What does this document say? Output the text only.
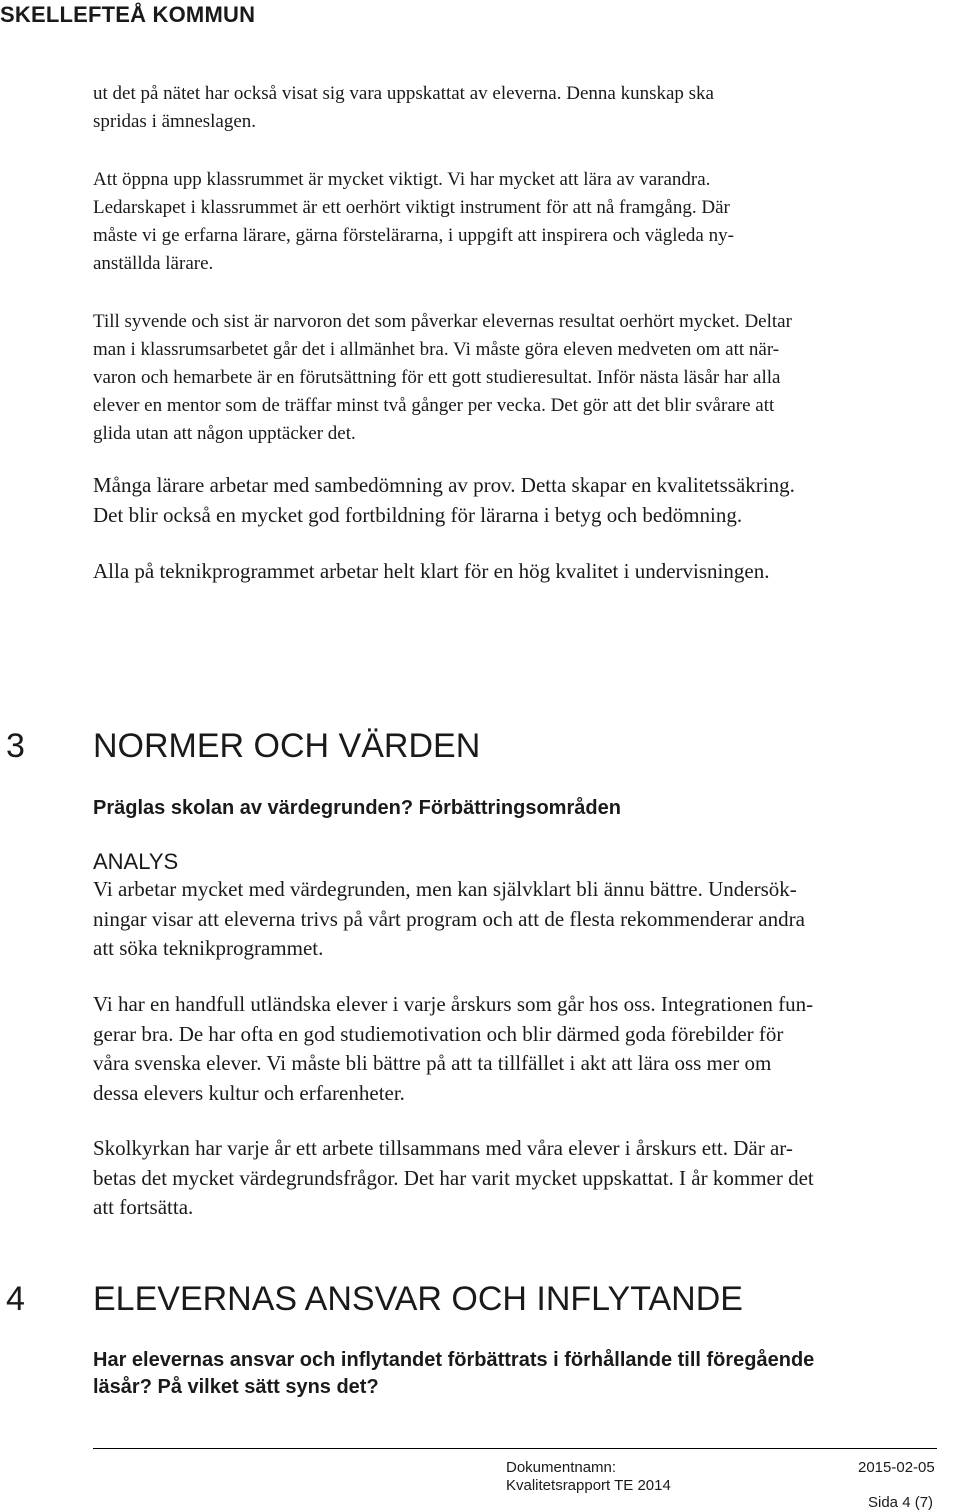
SKELLEFTEÅ KOMMUN
ut det på nätet har också visat sig vara uppskattat av eleverna. Denna kunskap ska
spridas i ämneslagen.
Att öppna upp klassrummet är mycket viktigt. Vi har mycket att lära av varandra.
Ledarskapet i klassrummet är ett oerhört viktigt instrument för att nå framgång. Där
måste vi ge erfarna lärare, gärna förstelärarna, i uppgift att inspirera och vägleda ny-
anställda lärare.
Till syvende och sist är narvoron det som påverkar elevernas resultat oerhört mycket. Deltar
man i klassrumsarbetet går det i allmänhet bra. Vi måste göra eleven medveten om att när-
varon och hemarbete är en förutsättning för ett gott studieresultat. Inför nästa läsår har alla
elever en mentor som de träffar minst två gånger per vecka. Det gör att det blir svårare att
glida utan att någon upptäcker det.
Många lärare arbetar med sambedömning av prov. Detta skapar en kvalitetssäkring.
Det blir också en mycket god fortbildning för lärarna i betyg och bedömning.
Alla på teknikprogrammet arbetar helt klart för en hög kvalitet i undervisningen.
3 NORMER OCH VÄRDEN
Präglas skolan av värdegrunden? Förbättringsområden
ANALYS
Vi arbetar mycket med värdegrunden, men kan självklart bli ännu bättre. Undersök-
ningar visar att eleverna trivs på vårt program och att de flesta rekommenderar andra
att söka teknikprogrammet.
Vi har en handfull utländska elever i varje årskurs som går hos oss. Integrationen fun-
gerar bra. De har ofta en god studiemotivation och blir därmed goda förebilder för
våra svenska elever. Vi måste bli bättre på att ta tillfället i akt att lära oss mer om
dessa elevers kultur och erfarenheter.
Skolkyrkan har varje år ett arbete tillsammans med våra elever i årskurs ett. Där ar-
betas det mycket värdegrundsfrågor. Det har varit mycket uppskattat. I år kommer det
att fortsätta.
4 ELEVERNAS ANSVAR OCH INFLYTANDE
Har elevernas ansvar och inflytandet förbättrats i förhållande till föregående
läsår? På vilket sätt syns det?
Dokumentnamn:
Kvalitetsrapport TE 2014
2015-02-05
Sida 4 (7)
